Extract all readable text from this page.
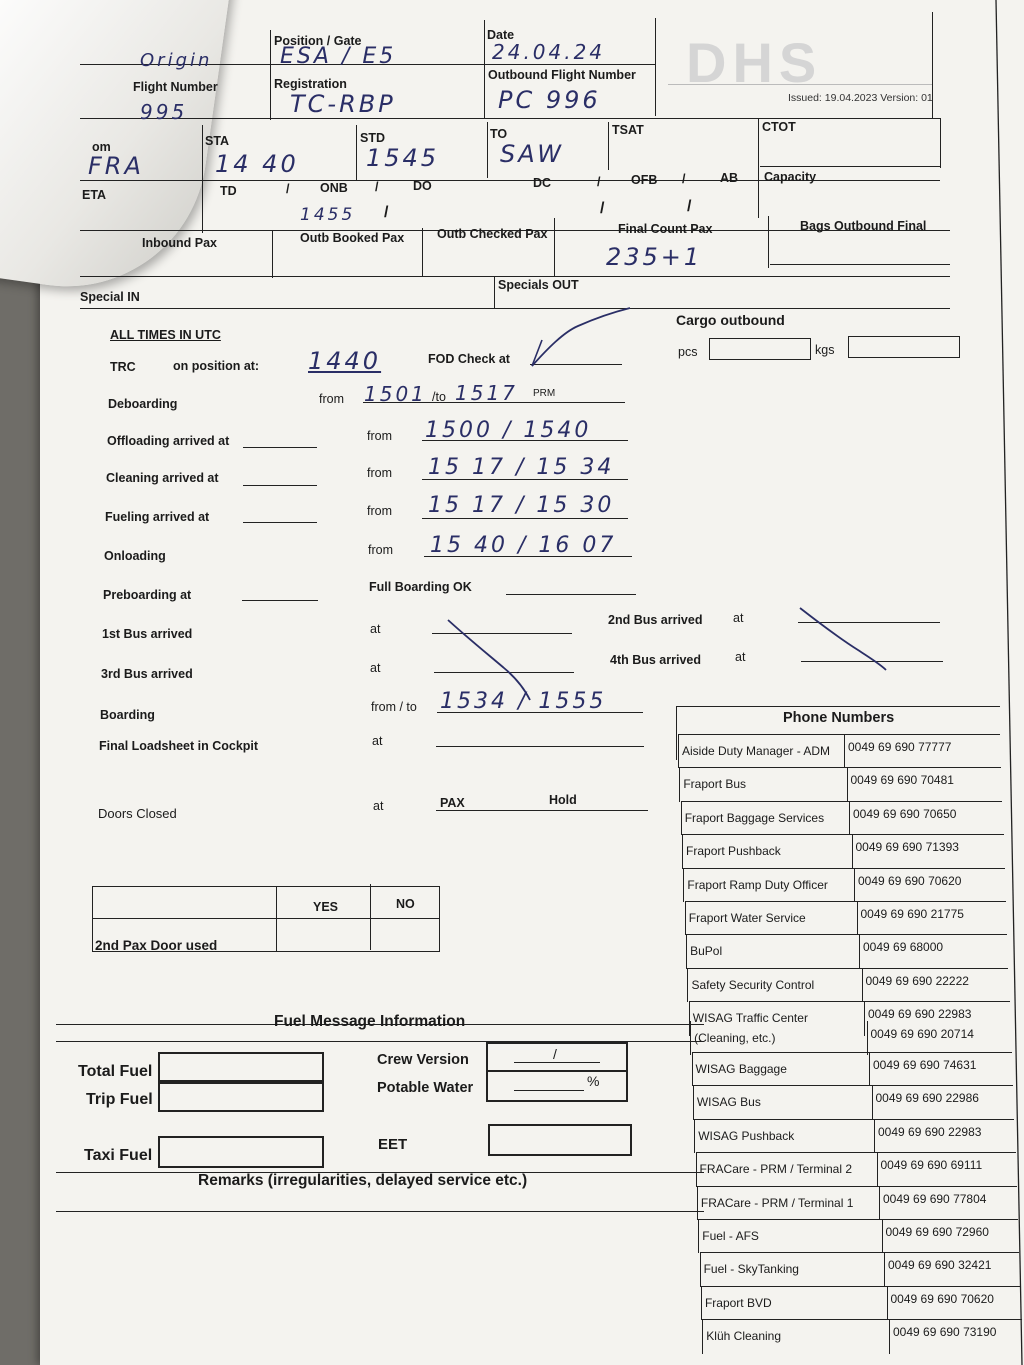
Origin
Position / Gate
ESA / E5
Date
24.04.24
Flight Number
995
Registration
TC-RBP
Outbound Flight Number
PC 996
DHS
Issued: 19.04.2023 Version: 01
om
FRA
STA
14 40
STD
1545
TO
SAW
TSAT	CTOT
ETA	TD	/ ONB /	DO	DC	/ OFB /	AB Capacity
1455 /	/	/
Inbound Pax	Outb Booked Pax	Outb Checked Pax	Final Count Pax
235+1
Bags Outbound Final
Special IN
Specials OUT
ALL TIMES IN UTC
Cargo outbound
pcs	kgs
TRC	on position at: 1440	FOD Check at
Deboarding	from 1501 /to 1517 PRM
Offloading arrived at	from 1500 / 1540
Cleaning arrived at	from 15 17 / 15 34
Fueling arrived at	from 15 17 / 15 30
Onloading	from 15 40 / 16 07
Preboarding at
Full Boarding OK
1st Bus arrived	at
2nd Bus arrived at
3rd Bus arrived	at
4th Bus arrived	at
Boarding
from / to 1534 / 1555
Final Loadsheet in Cockpit	at
Doors Closed	at	PAX	Hold
YES	NO
2nd Pax Door used
Phone Numbers
Aiside Duty Manager - ADM 0049 69 690 77777
Fraport Bus	0049 69 690 70481
Fraport Baggage Services 0049 69 690 70650
Fraport Pushback	0049 69 690 71393
Fraport Ramp Duty Officer	0049 69 690 70620
Fraport Water Service	0049 69 690 21775
BuPol	0049 69 68000
Safety Security Control	0049 69 690 22222
WISAG Traffic Center	0049 69 690 22983
(Cleaning, etc.)	0049 69 690 20714
WISAG Baggage	0049 69 690 74631
WISAG Bus	0049 69 690 22986
WISAG Pushback	0049 69 690 22983
FRACare - PRM / Terminal 2 0049 69 690 69111
FRACare - PRM / Terminal 1 0049 69 690 77804
Fuel - AFS	0049 69 690 72960
Fuel - SkyTanking	0049 69 690 32421
Fraport BVD	0049 69 690 70620
Klüh Cleaning	0049 69 690 73190
Fuel Message Information
Total Fuel
Trip Fuel
Taxi Fuel
Crew Version	/
Potable Water	%
EET
Remarks (irregularities, delayed service etc.)
